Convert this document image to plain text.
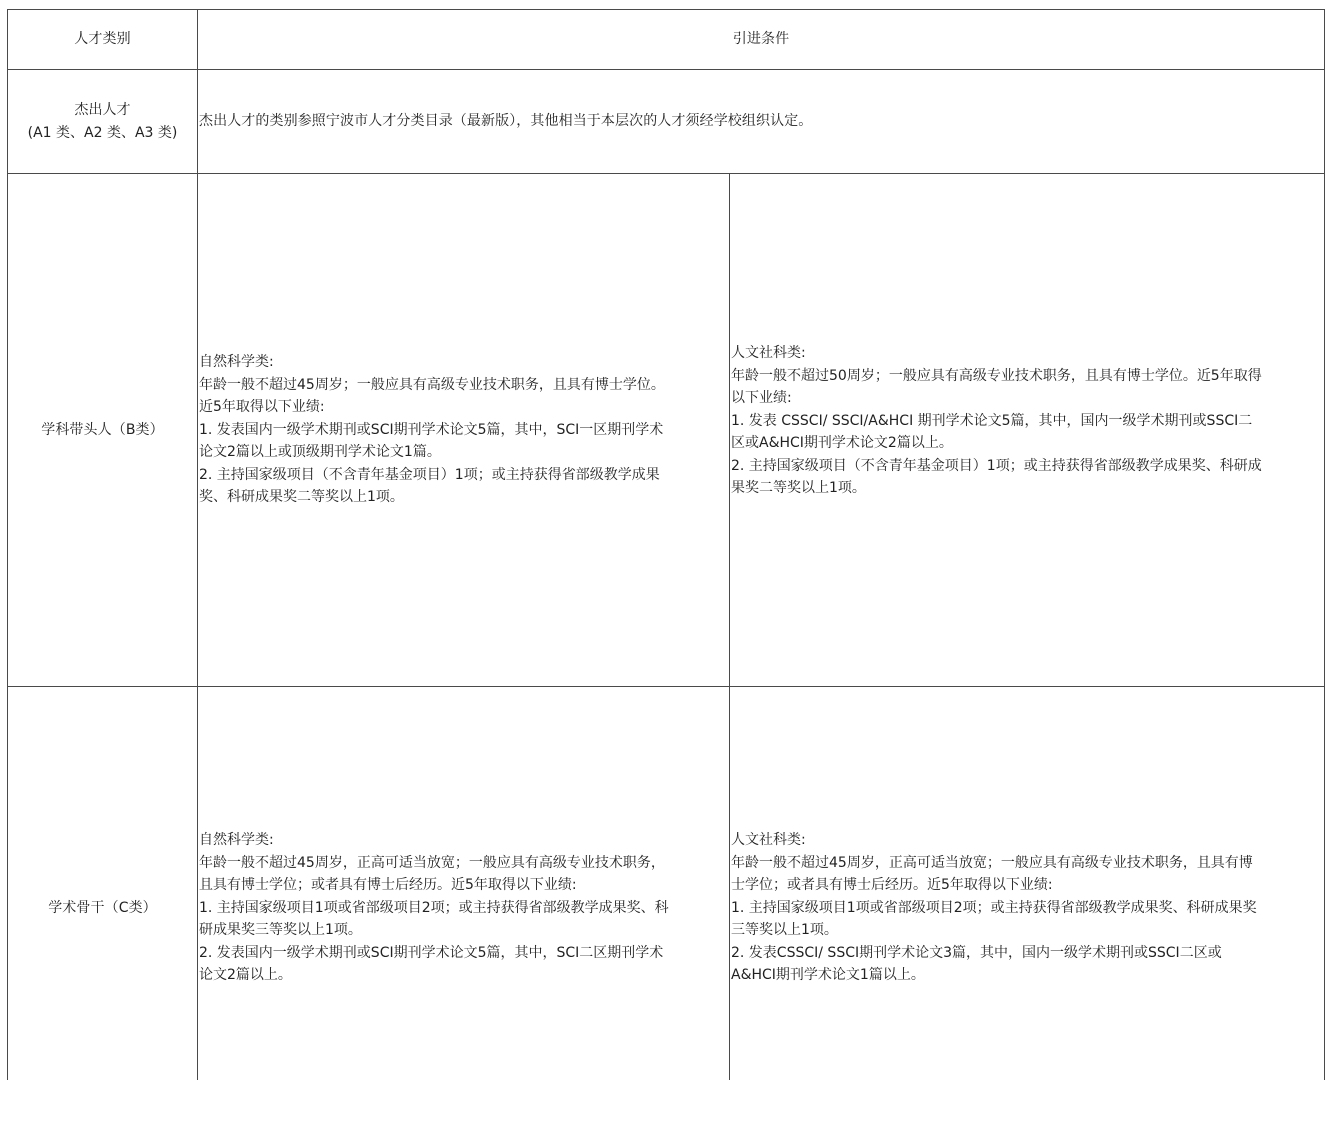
人才类别	引进条件
杰出人才
(A1 类、A2 类、A3 类)
杰出人才的类别参照宁波市人才分类目录（最新版），其他相当于本层次的人才须经学校组织认定。
学科带头人（B类）
自然科学类:
年龄一般不超过45周岁；一般应具有高级专业技术职务，且具有博士学位。
近5年取得以下业绩:
1. 发表国内一级学术期刊或SCI期刊学术论文5篇，其中，SCI一区期刊学术
论文2篇以上或顶级期刊学术论文1篇。
2. 主持国家级项目（不含青年基金项目）1项；或主持获得省部级教学成果
奖、科研成果奖二等奖以上1项。
人文社科类:
年龄一般不超过50周岁；一般应具有高级专业技术职务，且具有博士学位。近5年取得
以下业绩:
1. 发表 CSSCI/ SSCI/A&HCI 期刊学术论文5篇，其中，国内一级学术期刊或SSCI二
区或A&HCI期刊学术论文2篇以上。
2. 主持国家级项目（不含青年基金项目）1项；或主持获得省部级教学成果奖、科研成
果奖二等奖以上1项。
学术骨干（C类）
自然科学类:
年龄一般不超过45周岁，正高可适当放宽；一般应具有高级专业技术职务，
且具有博士学位；或者具有博士后经历。近5年取得以下业绩:
1. 主持国家级项目1项或省部级项目2项；或主持获得省部级教学成果奖、科
研成果奖三等奖以上1项。
2. 发表国内一级学术期刊或SCI期刊学术论文5篇，其中，SCI二区期刊学术
论文2篇以上。
人文社科类:
年龄一般不超过45周岁，正高可适当放宽；一般应具有高级专业技术职务，且具有博
士学位；或者具有博士后经历。近5年取得以下业绩:
1. 主持国家级项目1项或省部级项目2项；或主持获得省部级教学成果奖、科研成果奖
三等奖以上1项。
2. 发表CSSCI/ SSCI期刊学术论文3篇，其中，国内一级学术期刊或SSCI二区或
A&HCI期刊学术论文1篇以上。
